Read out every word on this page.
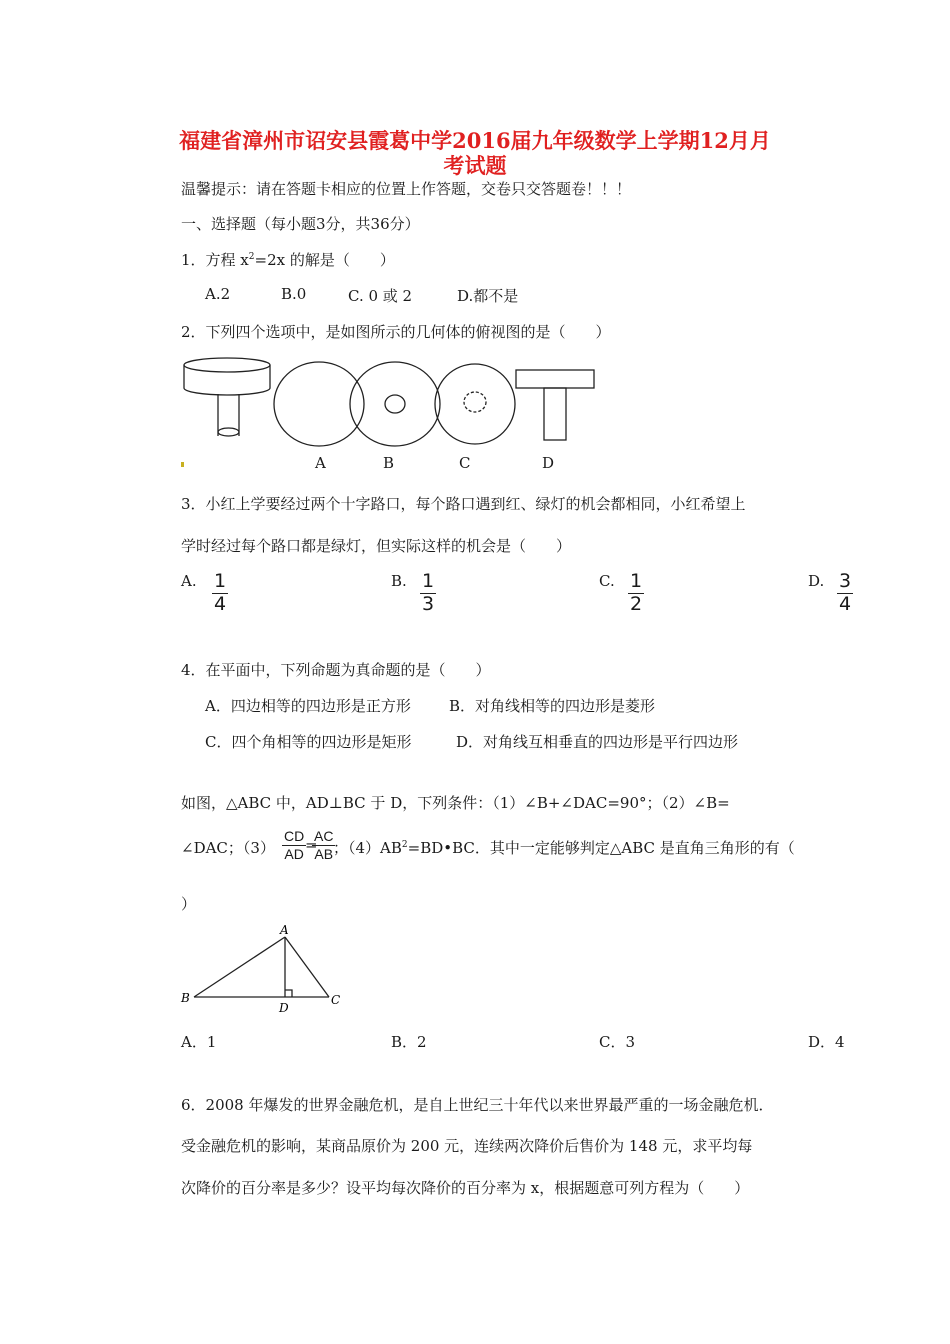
福建省漳州市诏安县霞葛中学2016届九年级数学上学期12月月
考试题
温馨提示：请在答题卡相应的位置上作答题，交卷只交答题卷！！！
一、选择题（每小题3分，共36分）
1．方程 $x^2=2x$ 的解是（　　）
A.2	B.0	C. 0 或 2	D.都不是
2．下列四个选项中，是如图所示的几何体的俯视图的是（　　）
A	B	C	D
3．小红上学要经过两个十字路口，每个路口遇到红、绿灯的机会都相同，小红希望上
学时经过每个路口都是绿灯，但实际这样的机会是（　　）
A. $\frac{1}{4}$	B. $\frac{1}{3}$	C. $\frac{1}{2}$	D. $\frac{3}{4}$
4．在平面中，下列命题为真命题的是（　　）
A．四边相等的四边形是正方形	B．对角线相等的四边形是菱形
C．四个角相等的四边形是矩形	D．对角线互相垂直的四边形是平行四边形
如图，△ABC 中，AD⊥BC 于 D，下列条件：（1）∠B+∠DAC=90°；（2）∠B=
∠DAC；$(3) \frac{CD}{AD}$
=
$\frac{AC}{AB}$
；$(4)AB^2=BD•BC$．其中一定能够判定△ABC 是直角三角形的有（
）
A
B	C
D
A．1	B．2	C．3	D．4
6．2008 年爆发的世界金融危机，是自上世纪三十年代以来世界最严重的一场金融危机．
受金融危机的影响，某商品原价为 200 元，连续两次降价后售价为 148 元，求平均每
次降价的百分率是多少？设平均每次降价的百分率为 x，根据题意可列方程为（　　）
